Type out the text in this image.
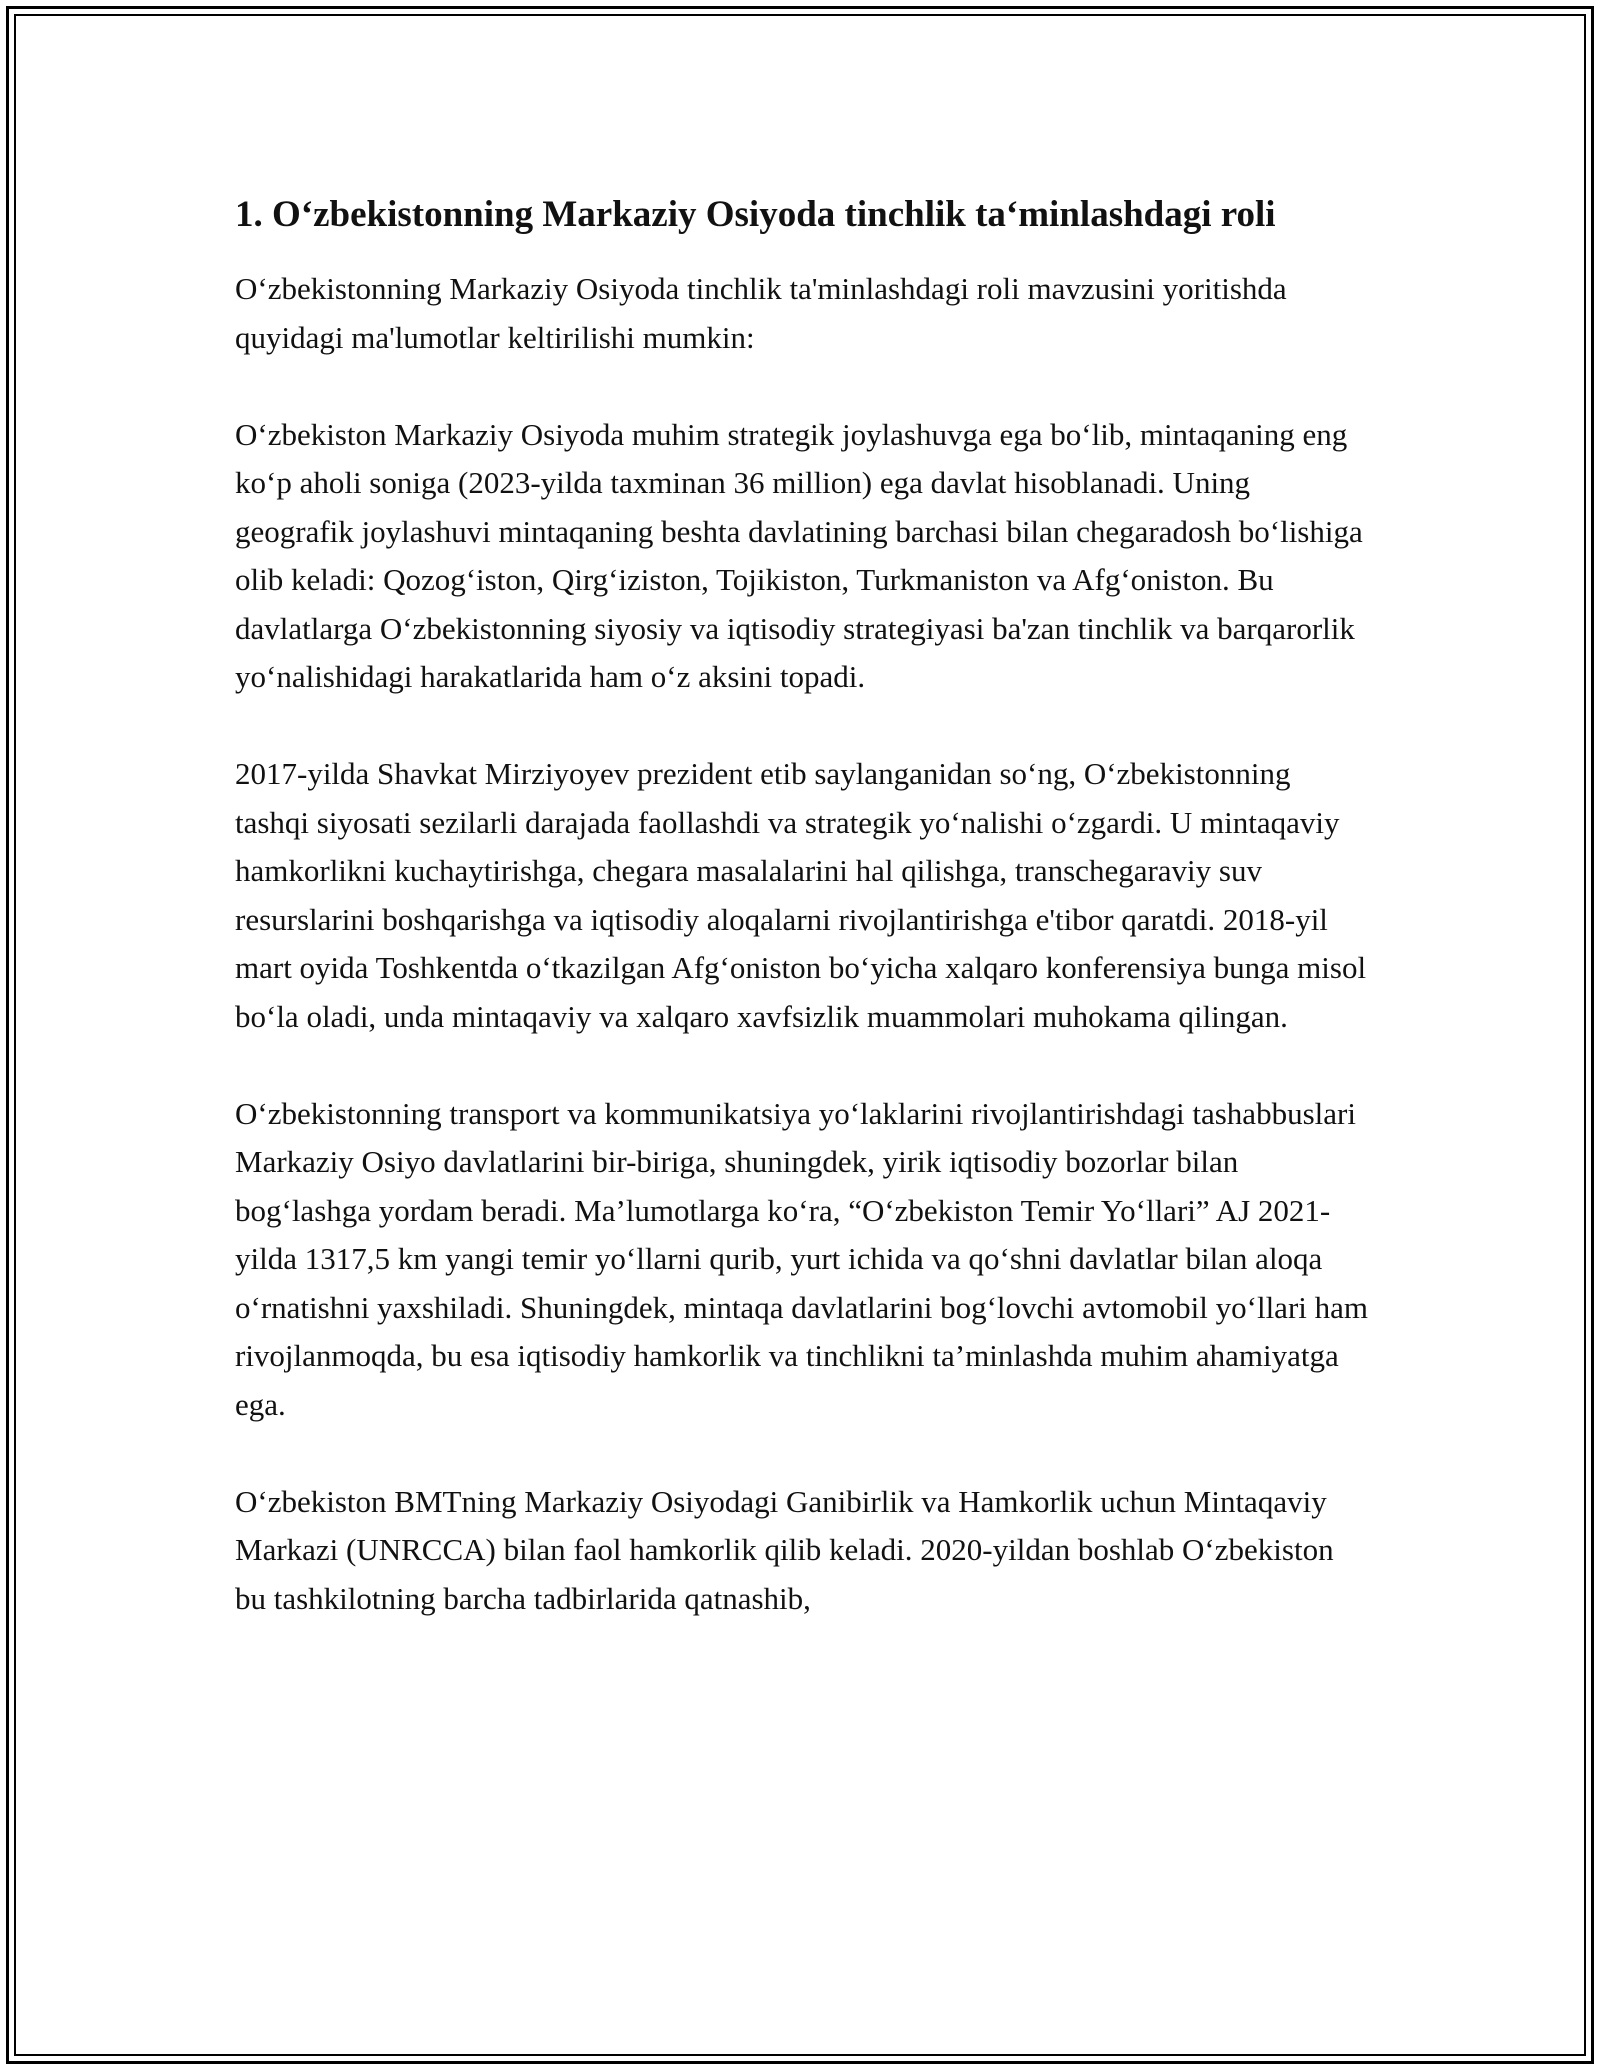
1. O‘zbekistonning Markaziy Osiyoda tinchlik ta‘minlashdagi roli

O‘zbekistonning Markaziy Osiyoda tinchlik ta'minlashdagi roli mavzusini yoritishda quyidagi ma'lumotlar keltirilishi mumkin:

O‘zbekiston Markaziy Osiyoda muhim strategik joylashuvga ega bo‘lib, mintaqaning eng ko‘p aholi soniga (2023-yilda taxminan 36 million) ega davlat hisoblanadi. Uning geografik joylashuvi mintaqaning beshta davlatining barchasi bilan chegaradosh bo‘lishiga olib keladi: Qozog‘iston, Qirg‘iziston, Tojikiston, Turkmaniston va Afg‘oniston. Bu davlatlarga O‘zbekistonning siyosiy va iqtisodiy strategiyasi ba'zan tinchlik va barqarorlik yo‘nalishidagi harakatlarida ham o‘z aksini topadi.

2017-yilda Shavkat Mirziyoyev prezident etib saylanganidan so‘ng, O‘zbekistonning tashqi siyosati sezilarli darajada faollashdi va strategik yo‘nalishi o‘zgardi. U mintaqaviy hamkorlikni kuchaytirishga, chegara masalalarini hal qilishga, transchegaraviy suv resurslarini boshqarishga va iqtisodiy aloqalarni rivojlantirishga e'tibor qaratdi. 2018-yil mart oyida Toshkentda o‘tkazilgan Afg‘oniston bo‘yicha xalqaro konferensiya bunga misol bo‘la oladi, unda mintaqaviy va xalqaro xavfsizlik muammolari muhokama qilingan.

O‘zbekistonning transport va kommunikatsiya yo‘laklarini rivojlantirishdagi tashabbuslari Markaziy Osiyo davlatlarini bir-biriga, shuningdek, yirik iqtisodiy bozorlar bilan bog‘lashga yordam beradi. Ma’lumotlarga ko‘ra, “O‘zbekiston Temir Yo‘llari” AJ 2021-yilda 1317,5 km yangi temir yo‘llarni qurib, yurt ichida va qo‘shni davlatlar bilan aloqa o‘rnatishni yaxshiladi. Shuningdek, mintaqa davlatlarini bog‘lovchi avtomobil yo‘llari ham rivojlanmoqda, bu esa iqtisodiy hamkorlik va tinchlikni ta’minlashda muhim ahamiyatga ega.

O‘zbekiston BMTning Markaziy Osiyodagi Ganibirlik va Hamkorlik uchun Mintaqaviy Markazi (UNRCCA) bilan faol hamkorlik qilib keladi. 2020-yildan boshlab O‘zbekiston bu tashkilotning barcha tadbirlarida qatnashib,
